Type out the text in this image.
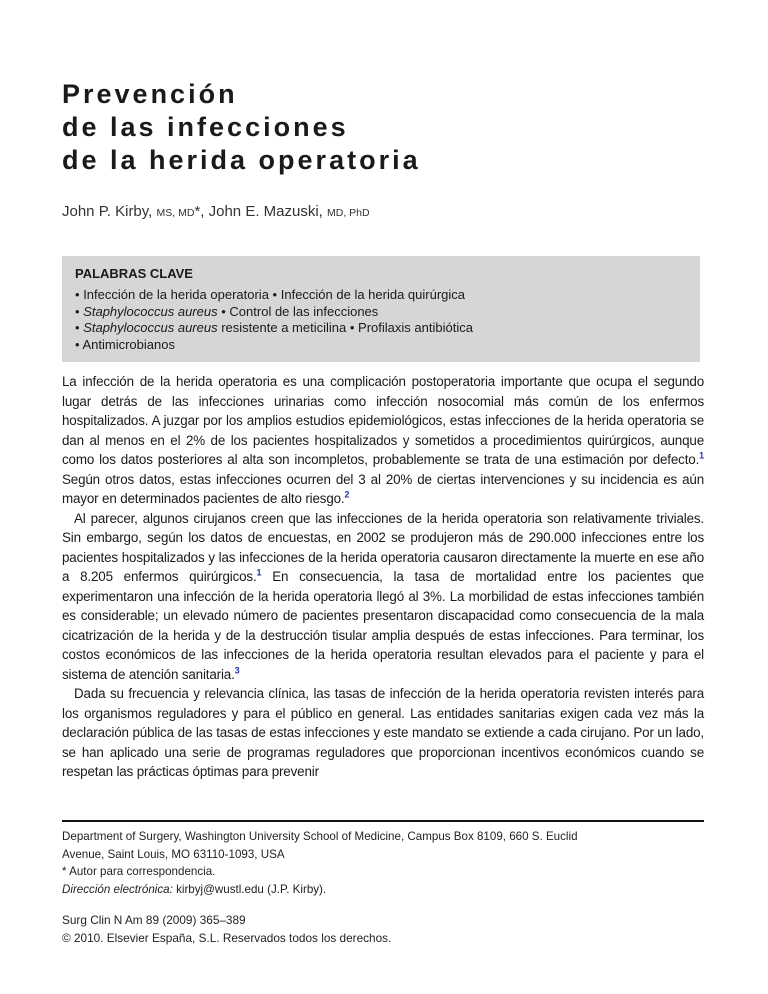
Prevención
de las infecciones
de la herida operatoria
John P. Kirby, MS, MD*, John E. Mazuski, MD, PhD
PALABRAS CLAVE
• Infección de la herida operatoria • Infección de la herida quirúrgica
• Staphylococcus aureus • Control de las infecciones
• Staphylococcus aureus resistente a meticilina • Profilaxis antibiótica
• Antimicrobianos

La infección de la herida operatoria es una complicación postoperatoria importante que ocupa el segundo lugar detrás de las infecciones urinarias como infección nosocomial más común de los enfermos hospitalizados. A juzgar por los amplios estudios epidemiológicos, estas infecciones de la herida operatoria se dan al menos en el 2% de los pacientes hospitalizados y sometidos a procedimientos quirúrgicos, aunque como los datos posteriores al alta son incompletos, probablemente se trata de una estimación por defecto.$^1$ Según otros datos, estas infecciones ocurren del 3 al 20% de ciertas intervenciones y su incidencia es aún mayor en determinados pacientes de alto riesgo.$^2$

Al parecer, algunos cirujanos creen que las infecciones de la herida operatoria son relativamente triviales. Sin embargo, según los datos de encuestas, en 2002 se produjeron más de 290.000 infecciones entre los pacientes hospitalizados y las infecciones de la herida operatoria causaron directamente la muerte en ese año a 8.205 enfermos quirúrgicos.$^1$ En consecuencia, la tasa de mortalidad entre los pacientes que experimentaron una infección de la herida operatoria llegó al 3%. La morbilidad de estas infecciones también es considerable; un elevado número de pacientes presentaron discapacidad como consecuencia de la mala cicatrización de la herida y de la destrucción tisular amplia después de estas infecciones. Para terminar, los costos económicos de las infecciones de la herida operatoria resultan elevados para el paciente y para el sistema de atención sanitaria.$^3$

Dada su frecuencia y relevancia clínica, las tasas de infección de la herida operatoria revisten interés para los organismos reguladores y para el público en general. Las entidades sanitarias exigen cada vez más la declaración pública de las tasas de estas infecciones y este mandato se extiende a cada cirujano. Por un lado, se han aplicado una serie de programas reguladores que proporcionan incentivos económicos cuando se respetan las prácticas óptimas para prevenir

Department of Surgery, Washington University School of Medicine, Campus Box 8109, 660 S. Euclid
Avenue, Saint Louis, MO 63110-1093, USA
* Autor para correspondencia.
Dirección electrónica: kirbyj@wustl.edu (J.P. Kirby).
Surg Clin N Am 89 (2009) 365–389
© 2010. Elsevier España, S.L. Reservados todos los derechos.
